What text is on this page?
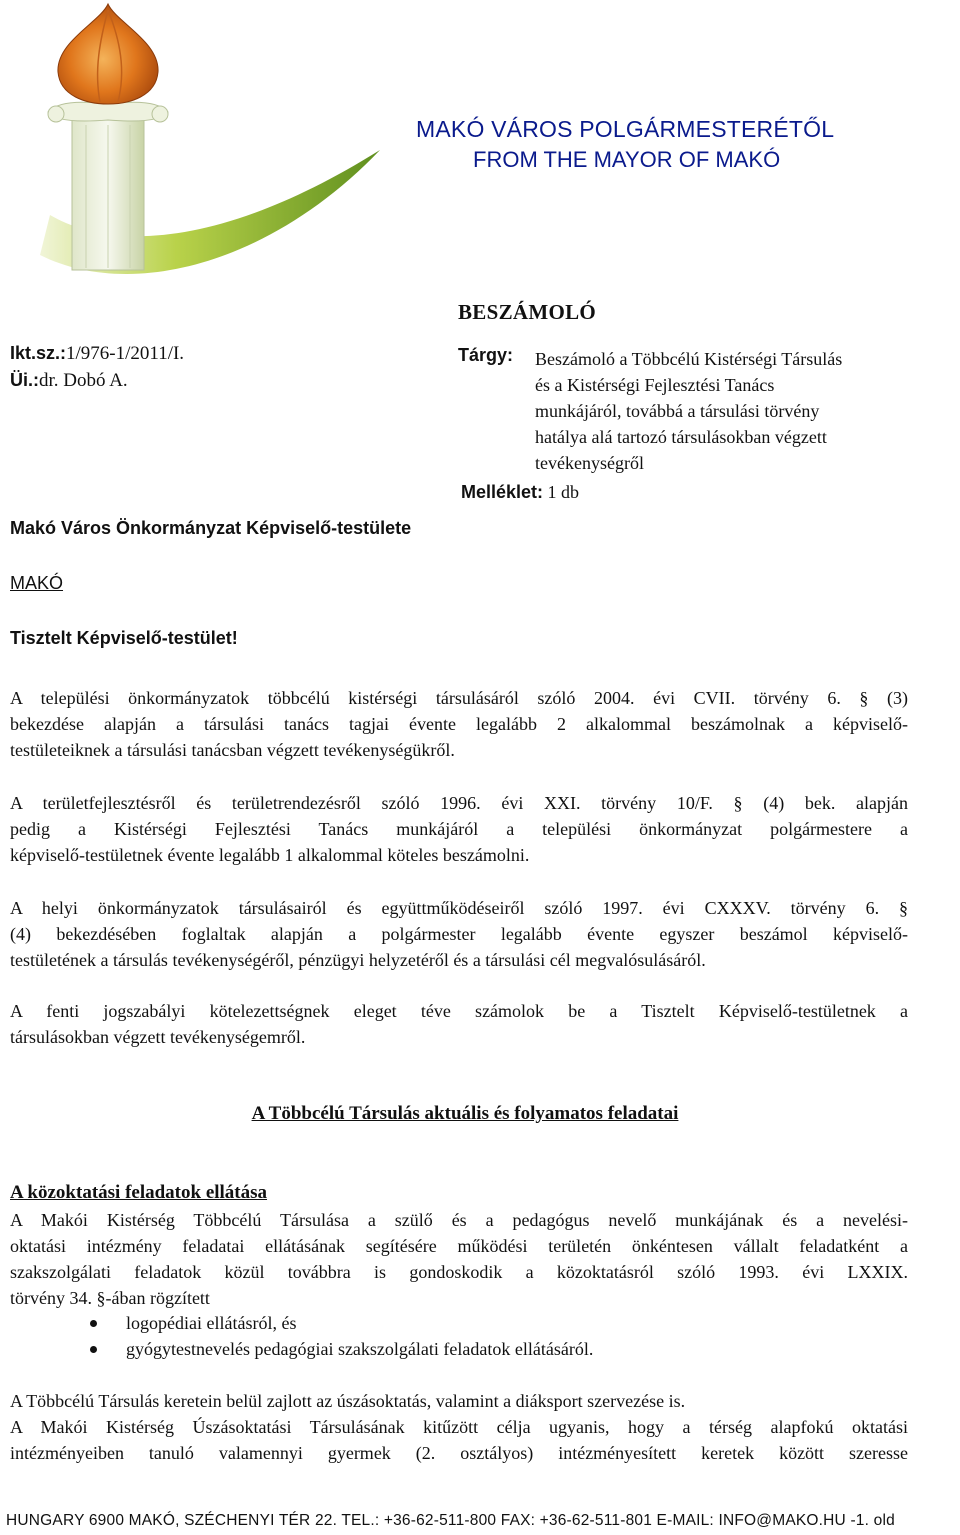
MAKÓ VÁROS POLGÁRMESTERÉTŐL
FROM THE MAYOR OF MAKÓ
BESZÁMOLÓ
Ikt.sz.:1/976-1/2011/I.
Üi.:dr. Dobó A.
Tárgy: Beszámoló a Többcélú Kistérségi Társulás
és a Kistérségi Fejlesztési Tanács
munkájáról, továbbá a társulási törvény
hatálya alá tartozó társulásokban végzett
tevékenységről
Melléklet: 1 db
Makó Város Önkormányzat Képviselő-testülete
MAKÓ
Tisztelt Képviselő-testület!
A települési önkormányzatok többcélú kistérségi társulásáról szóló 2004. évi CVII. törvény 6. § (3)
bekezdése alapján a társulási tanács tagjai évente legalább 2 alkalommal beszámolnak a képviselő-
testületeiknek a társulási tanácsban végzett tevékenységükről.
A területfejlesztésről és területrendezésről szóló 1996. évi XXI. törvény 10/F. § (4) bek. alapján
pedig a Kistérségi Fejlesztési Tanács munkájáról a települési önkormányzat polgármestere a
képviselő-testületnek évente legalább 1 alkalommal köteles beszámolni.
A helyi önkormányzatok társulásairól és együttműködéseiről szóló 1997. évi CXXXV. törvény 6. §
(4) bekezdésében foglaltak alapján a polgármester legalább évente egyszer beszámol képviselő-
testületének a társulás tevékenységéről, pénzügyi helyzetéről és a társulási cél megvalósulásáról.
A fenti jogszabályi kötelezettségnek eleget téve számolok be a Tisztelt Képviselő-testületnek a
társulásokban végzett tevékenységemről.
A Többcélú Társulás aktuális és folyamatos feladatai
A közoktatási feladatok ellátása
A Makói Kistérség Többcélú Társulása a szülő és a pedagógus nevelő munkájának és a nevelési-
oktatási intézmény feladatai ellátásának segítésére működési területén önkéntesen vállalt feladatként a
szakszolgálati feladatok közül továbbra is gondoskodik a közoktatásról szóló 1993. évi LXXIX.
törvény 34. §-ában rögzített
logopédiai ellátásról, és
gyógytestnevelés pedagógiai szakszolgálati feladatok ellátásáról.
A Többcélú Társulás keretein belül zajlott az úszásoktatás, valamint a diáksport szervezése is.
A Makói Kistérség Úszásoktatási Társulásának kitűzött célja ugyanis, hogy a térség alapfokú oktatási
intézményeiben tanuló valamennyi gyermek (2. osztályos) intézményesített keretek között szeresse
HUNGARY 6900 MAKÓ, SZÉCHENYI TÉR 22. TEL.: +36-62-511-800 FAX: +36-62-511-801 E-MAIL: INFO@MAKO.HU -1. old
